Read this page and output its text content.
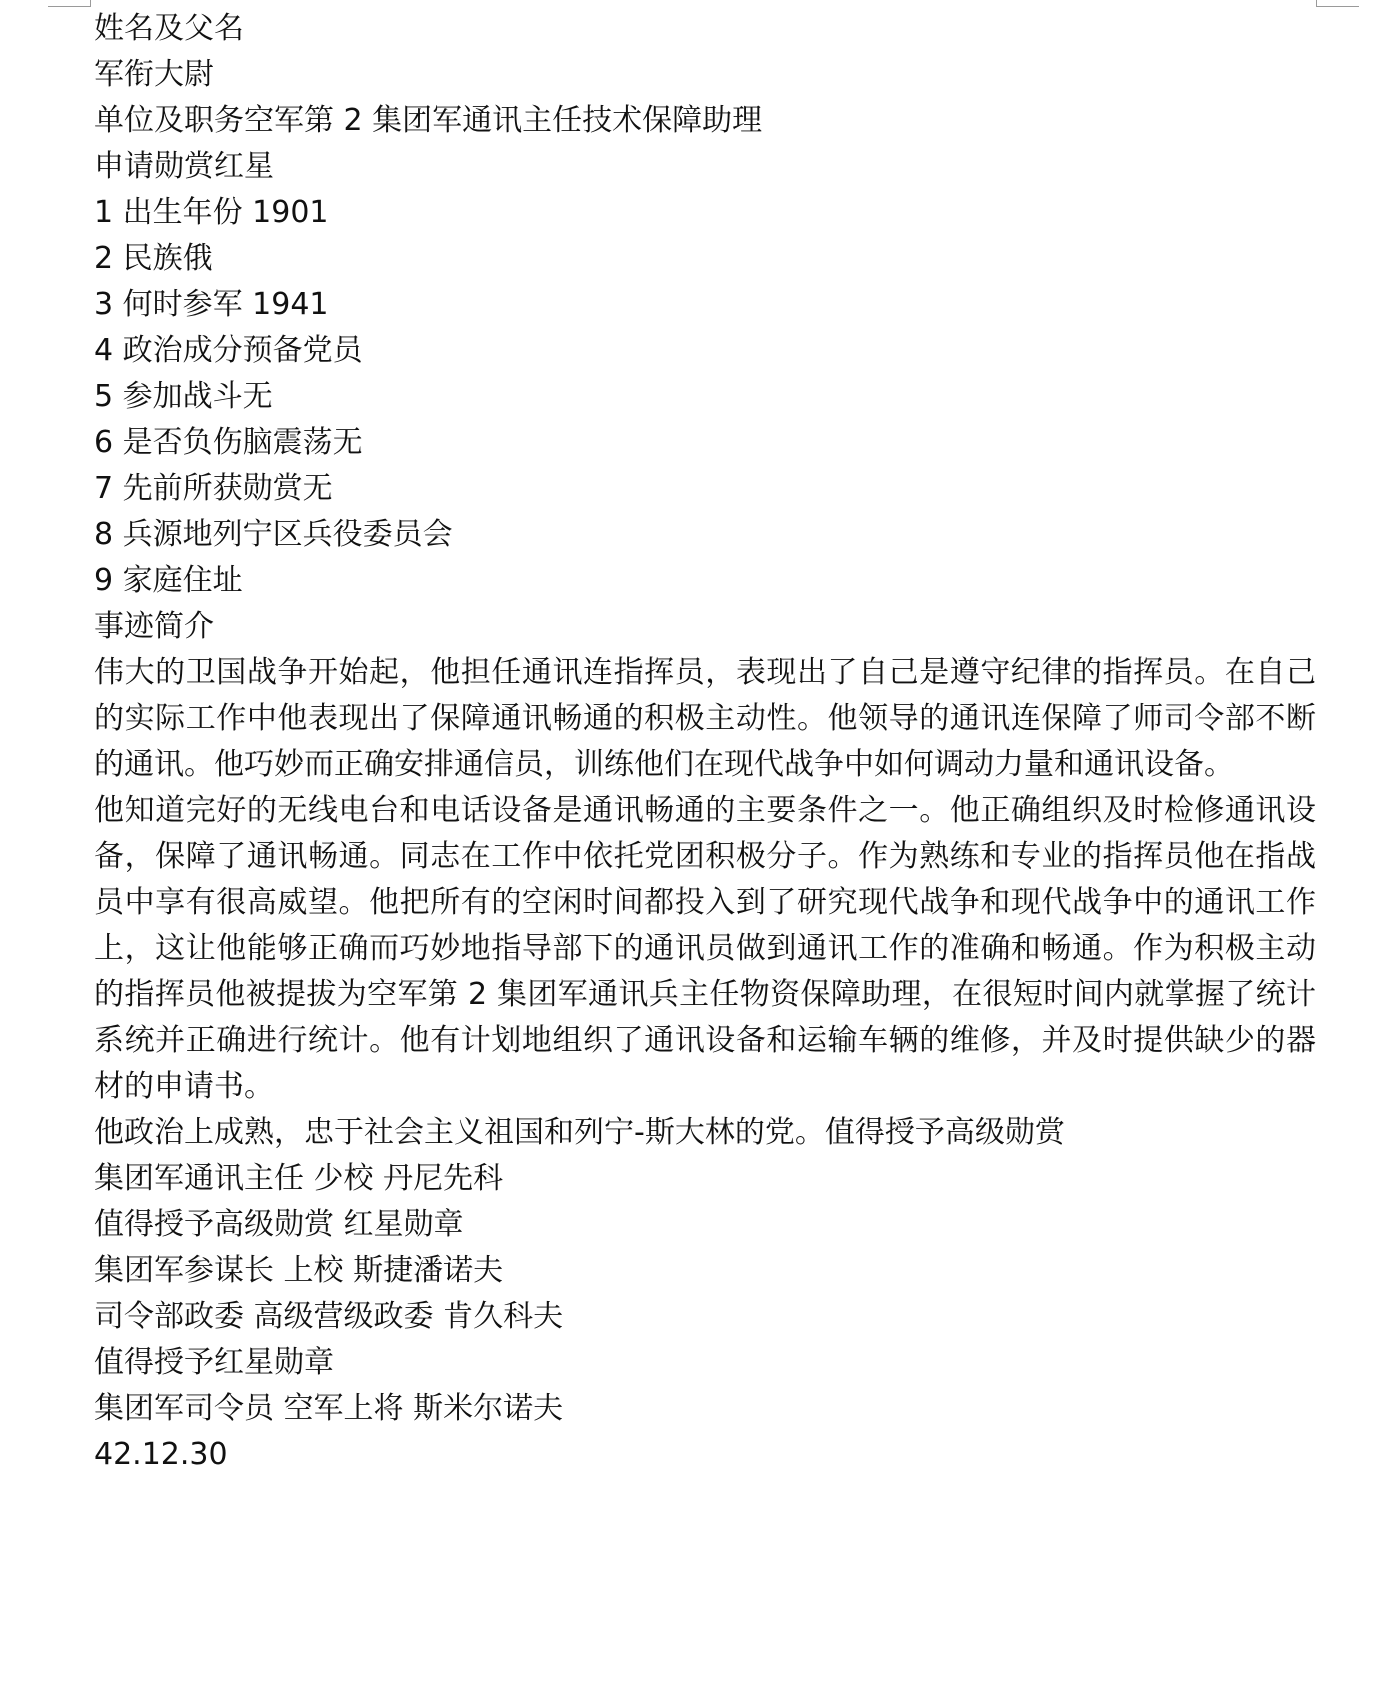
姓名及父名
军衔大尉
单位及职务空军第 2 集团军通讯主任技术保障助理
申请勋赏红星
1 出生年份 1901
2 民族俄
3 何时参军 1941
4 政治成分预备党员
5 参加战斗无
6 是否负伤脑震荡无
7 先前所获勋赏无
8 兵源地列宁区兵役委员会
9 家庭住址
事迹简介
伟大的卫国战争开始起，他担任通讯连指挥员，表现出了自己是遵守纪律的指挥员。在自己的实际工作中他表现出了保障通讯畅通的积极主动性。他领导的通讯连保障了师司令部不断的通讯。他巧妙而正确安排通信员，训练他们在现代战争中如何调动力量和通讯设备。
他知道完好的无线电台和电话设备是通讯畅通的主要条件之一。他正确组织及时检修通讯设备，保障了通讯畅通。同志在工作中依托党团积极分子。作为熟练和专业的指挥员他在指战员中享有很高威望。他把所有的空闲时间都投入到了研究现代战争和现代战争中的通讯工作上，这让他能够正确而巧妙地指导部下的通讯员做到通讯工作的准确和畅通。作为积极主动的指挥员他被提拔为空军第 2 集团军通讯兵主任物资保障助理，在很短时间内就掌握了统计系统并正确进行统计。他有计划地组织了通讯设备和运输车辆的维修，并及时提供缺少的器材的申请书。
他政治上成熟，忠于社会主义祖国和列宁-斯大林的党。值得授予高级勋赏
集团军通讯主任 少校 丹尼先科
值得授予高级勋赏 红星勋章
集团军参谋长 上校 斯捷潘诺夫
司令部政委 高级营级政委 肯久科夫
值得授予红星勋章
集团军司令员 空军上将 斯米尔诺夫
42.12.30
